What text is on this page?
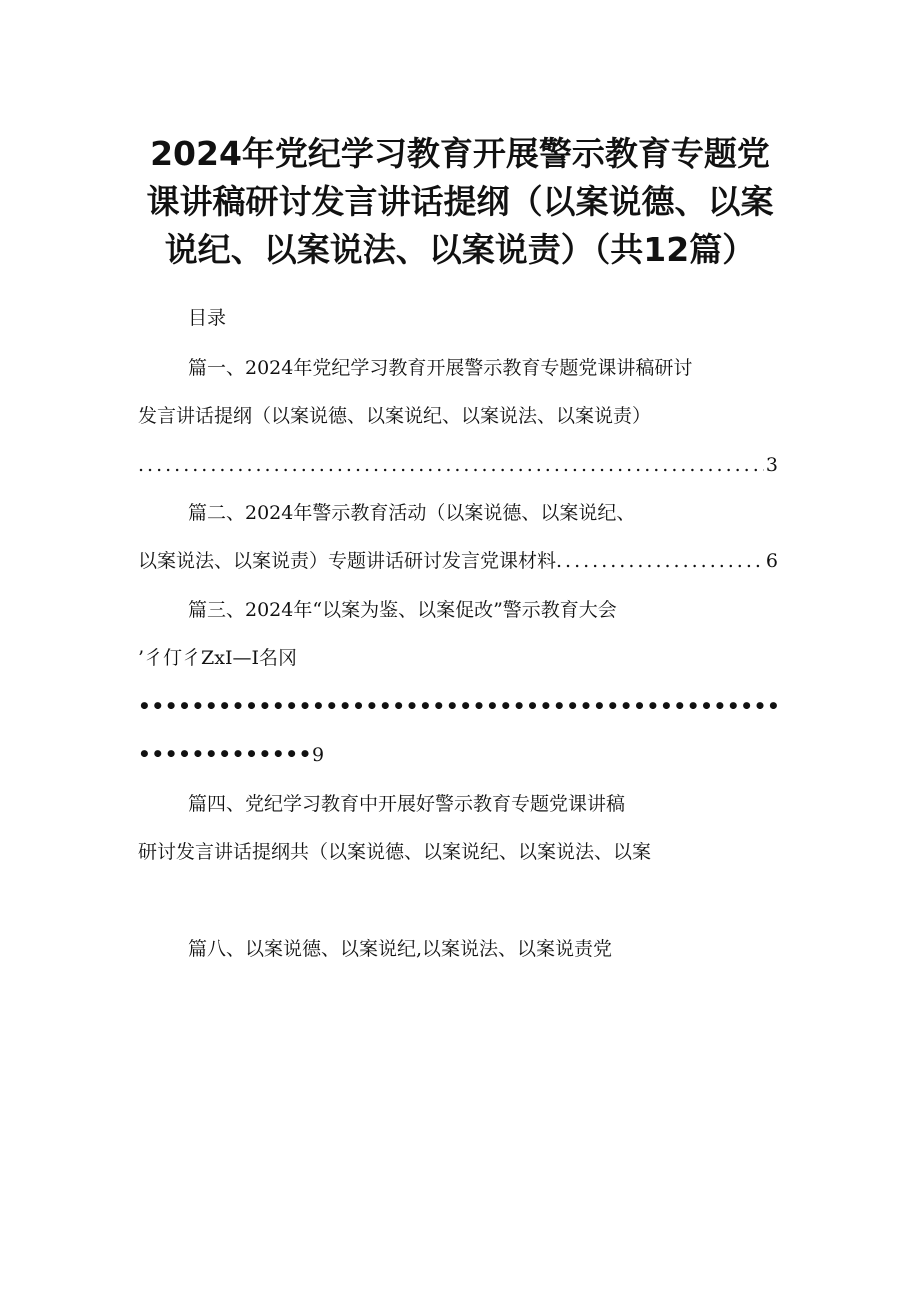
2024年党纪学习教育开展警示教育专题党
课讲稿研讨发言讲话提纲（以案说德、以案
说纪、以案说法、以案说责）（共12篇）
目录
篇一、2024年党纪学习教育开展警示教育专题党课讲稿研讨
发言讲话提纲（以案说德、以案说纪、以案说法、以案说责）
.....
3
篇二、2024年警示教育活动（以案说德、以案说纪、
以案说法、以案说责）专题讲话研讨发言党课材料
.....	6
篇三、2024年“以案为鉴、以案促改”警示教育大会
’彳仃彳ZxI—I名冈
•••••
•••••••••••••9
篇四、党纪学习教育中开展好警示教育专题党课讲稿
研讨发言讲话提纲共（以案说德、以案说纪、以案说法、以案
篇八、以案说德、以案说纪,以案说法、以案说责党
